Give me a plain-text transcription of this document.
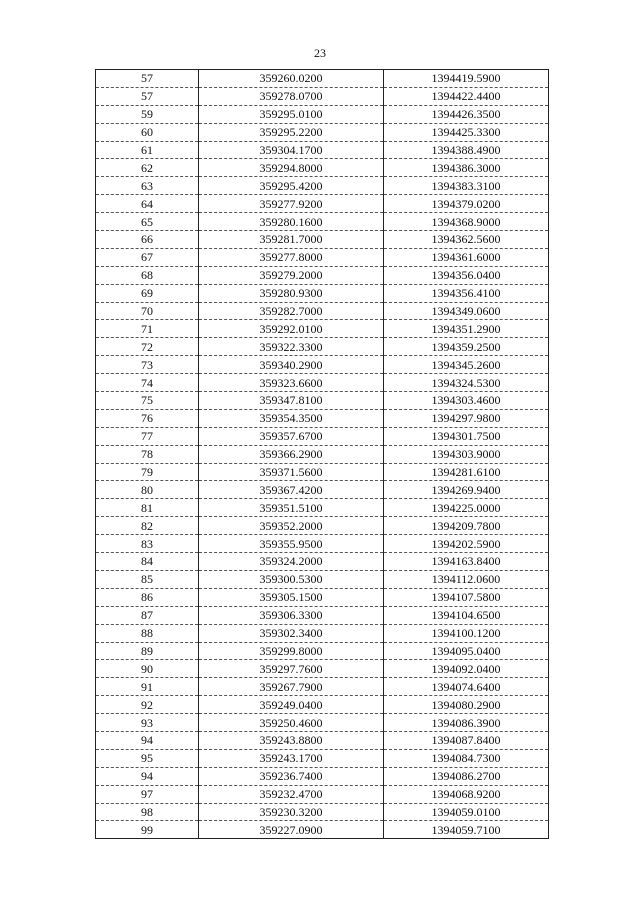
23
57	359260.0200	1394419.5900
57	359278.0700	1394422.4400
59	359295.0100	1394426.3500
60	359295.2200	1394425.3300
61	359304.1700	1394388.4900
62	359294.8000	1394386.3000
63	359295.4200	1394383.3100
64	359277.9200	1394379.0200
65	359280.1600	1394368.9000
66	359281.7000	1394362.5600
67	359277.8000	1394361.6000
68	359279.2000	1394356.0400
69	359280.9300	1394356.4100
70	359282.7000	1394349.0600
71	359292.0100	1394351.2900
72	359322.3300	1394359.2500
73	359340.2900	1394345.2600
74	359323.6600	1394324.5300
75	359347.8100	1394303.4600
76	359354.3500	1394297.9800
77	359357.6700	1394301.7500
78	359366.2900	1394303.9000
79	359371.5600	1394281.6100
80	359367.4200	1394269.9400
81	359351.5100	1394225.0000
82	359352.2000	1394209.7800
83	359355.9500	1394202.5900
84	359324.2000	1394163.8400
85	359300.5300	1394112.0600
86	359305.1500	1394107.5800
87	359306.3300	1394104.6500
88	359302.3400	1394100.1200
89	359299.8000	1394095.0400
90	359297.7600	1394092.0400
91	359267.7900	1394074.6400
92	359249.0400	1394080.2900
93	359250.4600	1394086.3900
94	359243.8800	1394087.8400
95	359243.1700	1394084.7300
94	359236.7400	1394086.2700
97	359232.4700	1394068.9200
98	359230.3200	1394059.0100
99	359227.0900	1394059.7100
